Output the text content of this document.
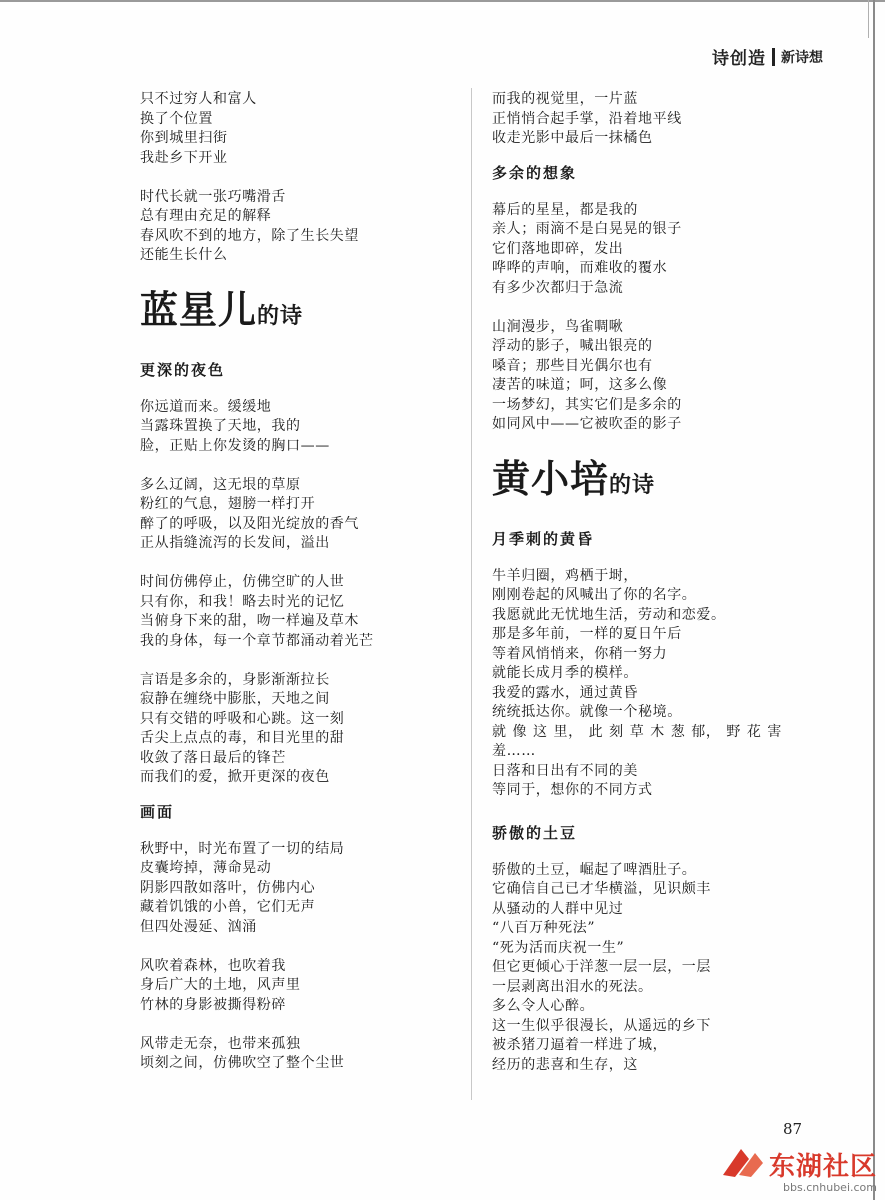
诗创造 新诗想
只不过穷人和富人
换了个位置
你到城里扫街
我赴乡下开业
时代长就一张巧嘴滑舌
总有理由充足的解释
春风吹不到的地方，除了生长失望
还能生长什么
蓝星儿的诗
更深的夜色
你远道而来。缓缓地
当露珠置换了天地，我的
脸，正贴上你发烫的胸口——
多么辽阔，这无垠的草原
粉红的气息，翅膀一样打开
醉了的呼吸，以及阳光绽放的香气
正从指缝流泻的长发间，溢出
时间仿佛停止，仿佛空旷的人世
只有你，和我！略去时光的记忆
当俯身下来的甜，吻一样遍及草木
我的身体，每一个章节都涌动着光芒
言语是多余的，身影渐渐拉长
寂静在缠绕中膨胀，天地之间
只有交错的呼吸和心跳。这一刻
舌尖上点点的毒，和目光里的甜
收敛了落日最后的锋芒
而我们的爱，掀开更深的夜色
画面
秋野中，时光布置了一切的结局
皮囊垮掉，薄命晃动
阴影四散如落叶，仿佛内心
藏着饥饿的小兽，它们无声
但四处漫延、汹涌
风吹着森林，也吹着我
身后广大的土地，风声里
竹林的身影被撕得粉碎
风带走无奈，也带来孤独
顷刻之间，仿佛吹空了整个尘世
而我的视觉里，一片蓝
正悄悄合起手掌，沿着地平线
收走光影中最后一抹橘色
多余的想象
幕后的星星，都是我的
亲人；雨滴不是白晃晃的银子
它们落地即碎，发出
哗哗的声响，而难收的覆水
有多少次都归于急流
山涧漫步，鸟雀啁啾
浮动的影子，喊出银亮的
嗓音；那些目光偶尔也有
凄苦的味道；呵，这多么像
一场梦幻，其实它们是多余的
如同风中——它被吹歪的影子
黄小培的诗
月季刺的黄昏
牛羊归圈，鸡栖于埘，
刚刚卷起的风喊出了你的名字。
我愿就此无忧地生活，劳动和恋爱。
那是多年前，一样的夏日午后
等着风悄悄来，你稍一努力
就能长成月季的模样。
我爱的露水，通过黄昏
统统抵达你。就像一个秘境。
就 像 这 里， 此 刻 草 木 葱 郁， 野 花 害
羞……
日落和日出有不同的美
等同于，想你的不同方式
骄傲的土豆
骄傲的土豆，崛起了啤酒肚子。
它确信自己已才华横溢，见识颇丰
从骚动的人群中见过
“八百万种死法”
“死为活而庆祝一生”
但它更倾心于洋葱一层一层，一层
一层剥离出泪水的死法。
多么令人心醉。
这一生似乎很漫长，从遥远的乡下
被杀猪刀逼着一样进了城，
经历的悲喜和生存，这
87
东湖社区
bbs.cnhubei.com
